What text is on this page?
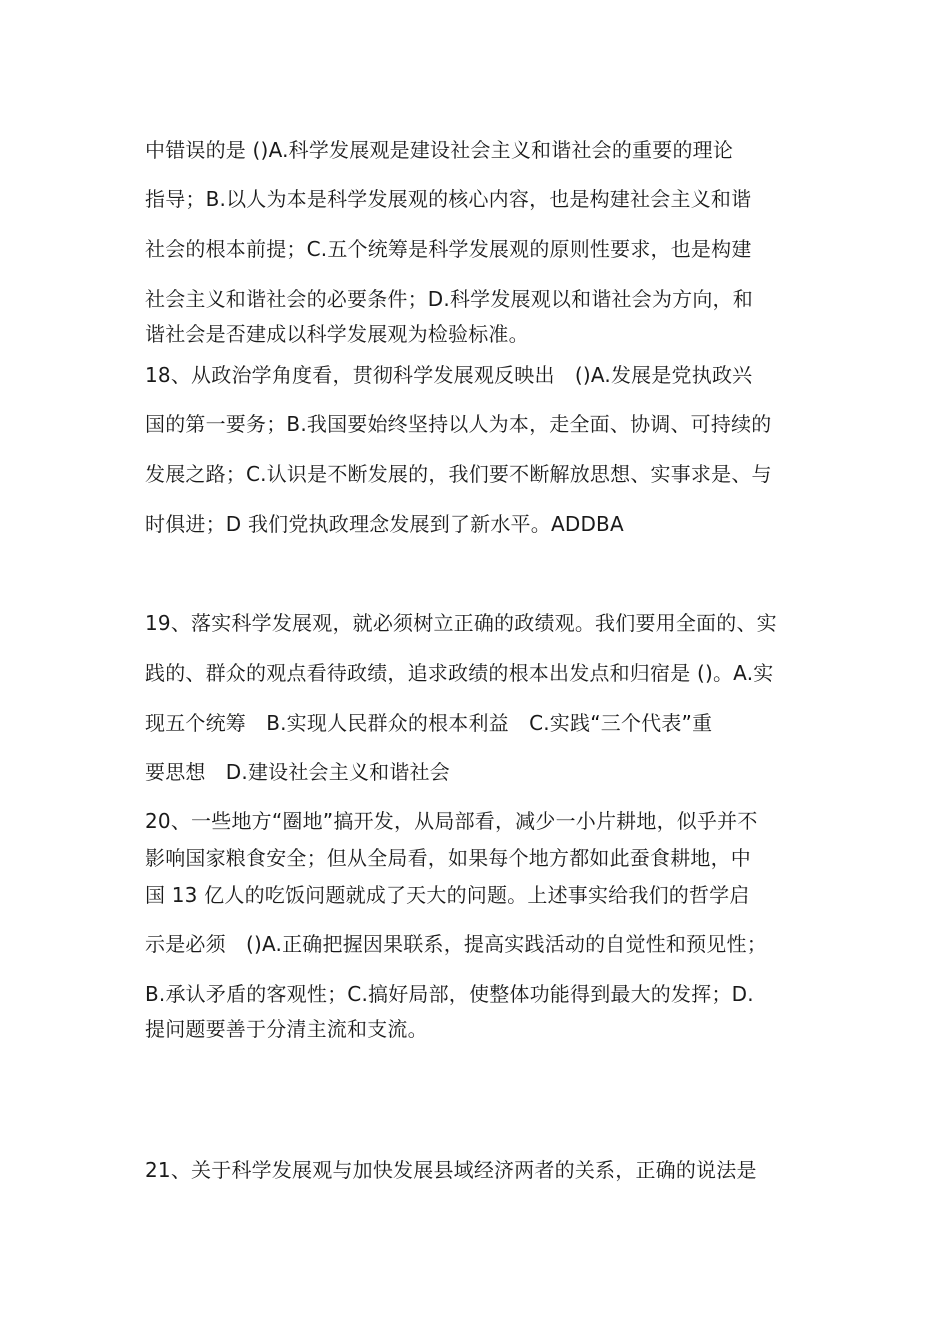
中错误的是 ()A.科学发展观是建设社会主义和谐社会的重要的理论
指导；B.以人为本是科学发展观的核心内容，也是构建社会主义和谐
社会的根本前提；C.五个统筹是科学发展观的原则性要求，也是构建
社会主义和谐社会的必要条件；D.科学发展观以和谐社会为方向，和
谐社会是否建成以科学发展观为检验标准。
18、从政治学角度看，贯彻科学发展观反映出　()A.发展是党执政兴
国的第一要务；B.我国要始终坚持以人为本，走全面、协调、可持续的
发展之路；C.认识是不断发展的，我们要不断解放思想、实事求是、与
时俱进；D 我们党执政理念发展到了新水平。ADDBA
19、落实科学发展观，就必须树立正确的政绩观。我们要用全面的、实
践的、群众的观点看待政绩，追求政绩的根本出发点和归宿是 ()。A.实
现五个统筹　B.实现人民群众的根本利益　C.实践“三个代表”重
要思想　D.建设社会主义和谐社会
20、一些地方“圈地”搞开发，从局部看，减少一小片耕地，似乎并不
影响国家粮食安全；但从全局看，如果每个地方都如此蚕食耕地，中
国 13 亿人的吃饭问题就成了天大的问题。上述事实给我们的哲学启
示是必须　()A.正确把握因果联系，提高实践活动的自觉性和预见性；
B.承认矛盾的客观性；C.搞好局部，使整体功能得到最大的发挥；D.
提问题要善于分清主流和支流。
21、关于科学发展观与加快发展县域经济两者的关系，正确的说法是
